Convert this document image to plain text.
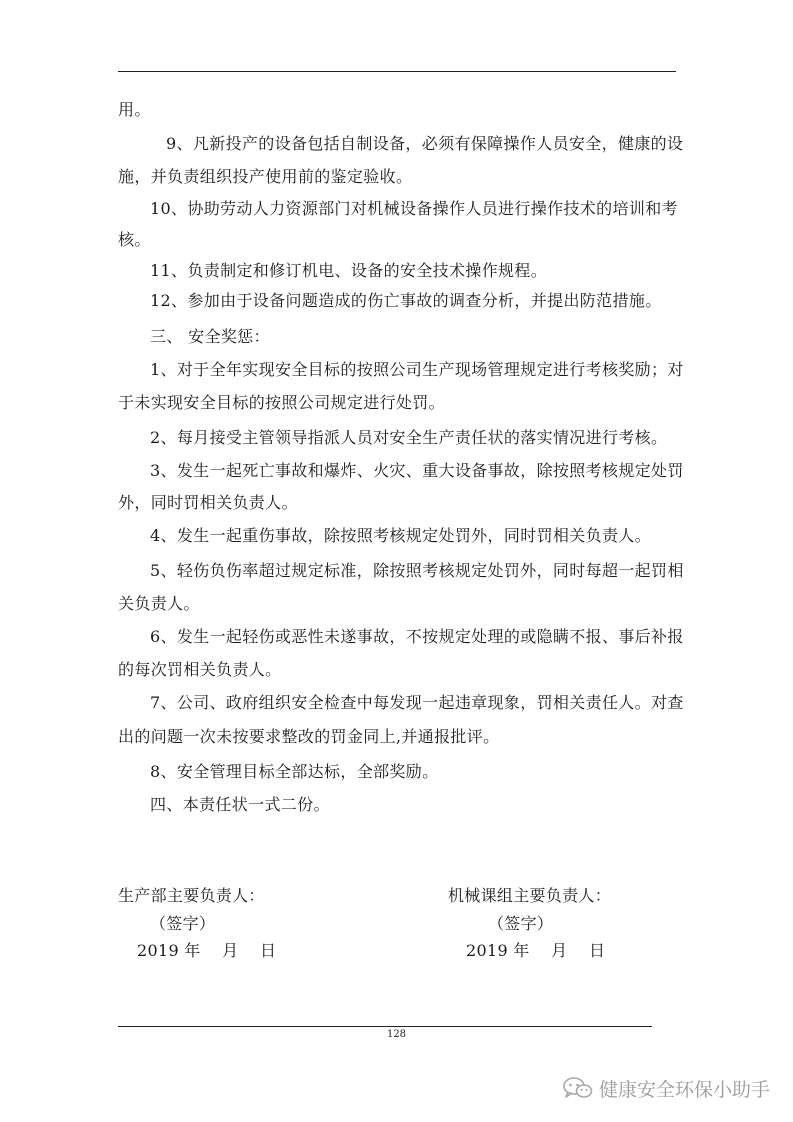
用。
9、凡新投产的设备包括自制设备，必须有保障操作人员安全，健康的设
施，并负责组织投产使用前的鉴定验收。
10、协助劳动人力资源部门对机械设备操作人员进行操作技术的培训和考
核。
11、负责制定和修订机电、设备的安全技术操作规程。
12、参加由于设备问题造成的伤亡事故的调查分析，并提出防范措施。
三、 安全奖惩：
1、对于全年实现安全目标的按照公司生产现场管理规定进行考核奖励；对
于未实现安全目标的按照公司规定进行处罚。
2、每月接受主管领导指派人员对安全生产责任状的落实情况进行考核。
3、发生一起死亡事故和爆炸、火灾、重大设备事故，除按照考核规定处罚
外，同时罚相关负责人。
4、发生一起重伤事故，除按照考核规定处罚外，同时罚相关负责人。
5、轻伤负伤率超过规定标准，除按照考核规定处罚外，同时每超一起罚相
关负责人。
6、发生一起轻伤或恶性未遂事故，不按规定处理的或隐瞒不报、事后补报
的每次罚相关负责人。
7、公司、政府组织安全检查中每发现一起违章现象，罚相关责任人。对查
出的问题一次未按要求整改的罚金同上,并通报批评。
8、安全管理目标全部达标，全部奖励。
四、本责任状一式二份。
生产部主要负责人：
（签字）
2019 年    月    日
机械课组主要负责人：
（签字）
2019 年    月    日
128
健康安全环保小助手
